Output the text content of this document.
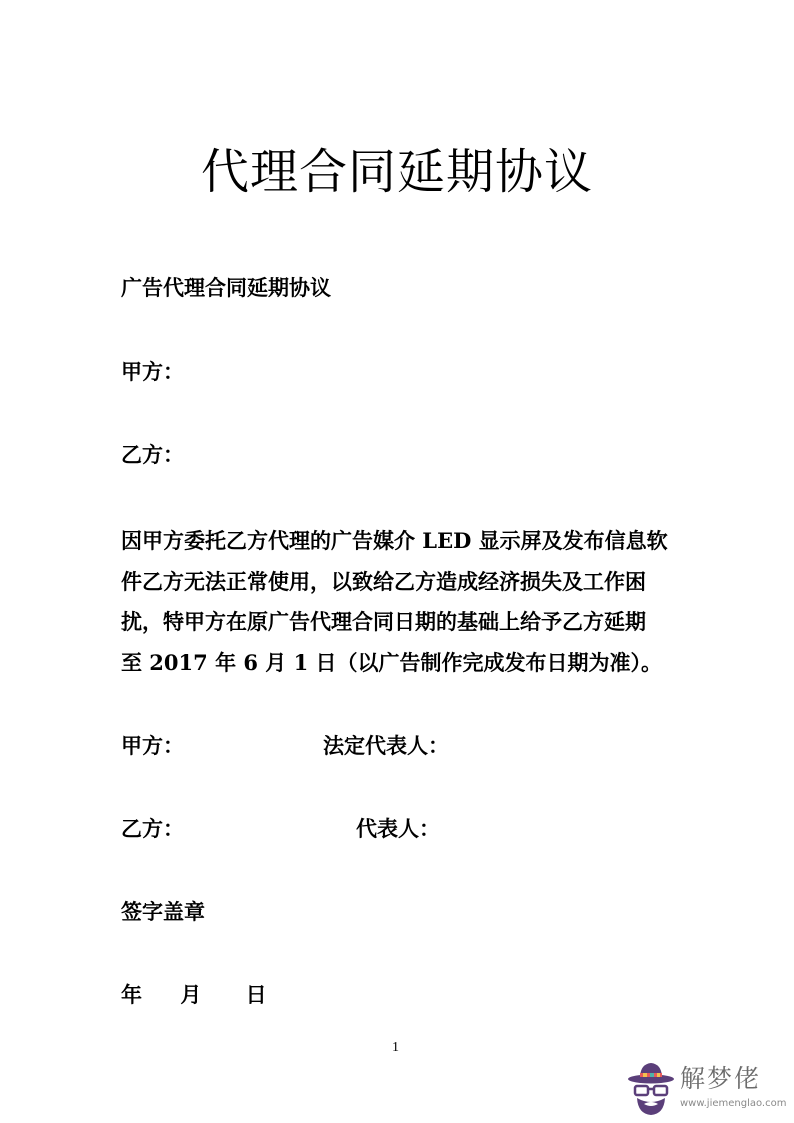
代理合同延期协议
广告代理合同延期协议
甲方：
乙方：
因甲方委托乙方代理的广告媒介 LED 显示屏及发布信息软
件乙方无法正常使用，以致给乙方造成经济损失及工作困
扰，特甲方在原广告代理合同日期的基础上给予乙方延期
至 2017 年 6 月 1 日（以广告制作完成发布日期为准）。
甲方：	法定代表人：
乙方：	代表人：
签字盖章
年 月 日
1
解梦佬
www.jiemenglao.com
